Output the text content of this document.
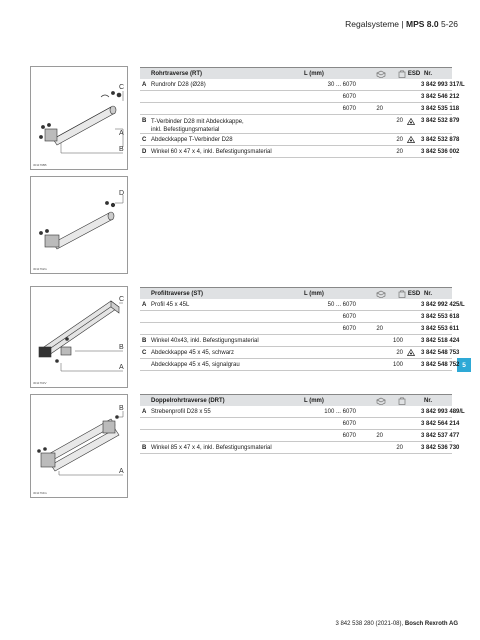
Regalsysteme | MPS 8.0 5-26
5
C
A
B
3011798B
D
3011762G
C
B
A
3011763V
B
A
3011764G
Rohrtraverse (RT)	L (mm)	ESD Nr.
A Rundrohr D28 (Ø28)	30 ... 6070	3 842 993 317/L
6070	3 842 546 212
6070	20	3 842 535 118
B T-Verbinder D28 mit Abdeckkappe,
inkl. Befestigungsmaterial
20	3 842 532 879
C Abdeckkappe T-Verbinder D28	20	3 842 532 878
D Winkel 60 x 47 x 4, inkl. Befestigungsmaterial	20	3 842 536 002
Profiltraverse (ST)	L (mm)	ESD Nr.
A Profil 45 x 45L	50 ... 6070	3 842 992 425/L
6070	3 842 553 618
6070	20	3 842 553 611
B Winkel 40x43, inkl. Befestigungsmaterial	100	3 842 518 424
C Abdeckkappe 45 x 45, schwarz	20	3 842 548 753
Abdeckkappe 45 x 45, signalgrau	100	3 842 548 752
Doppelrohrtraverse (DRT)	L (mm)	Nr.
A Strebenprofil D28 x 55	100 ... 6070	3 842 993 489/L
6070	3 842 564 214
6070	20	3 842 537 477
B Winkel 85 x 47 x 4, inkl. Befestigungsmaterial	20	3 842 536 730
3 842 538 280 (2021-08), Bosch Rexroth AG
